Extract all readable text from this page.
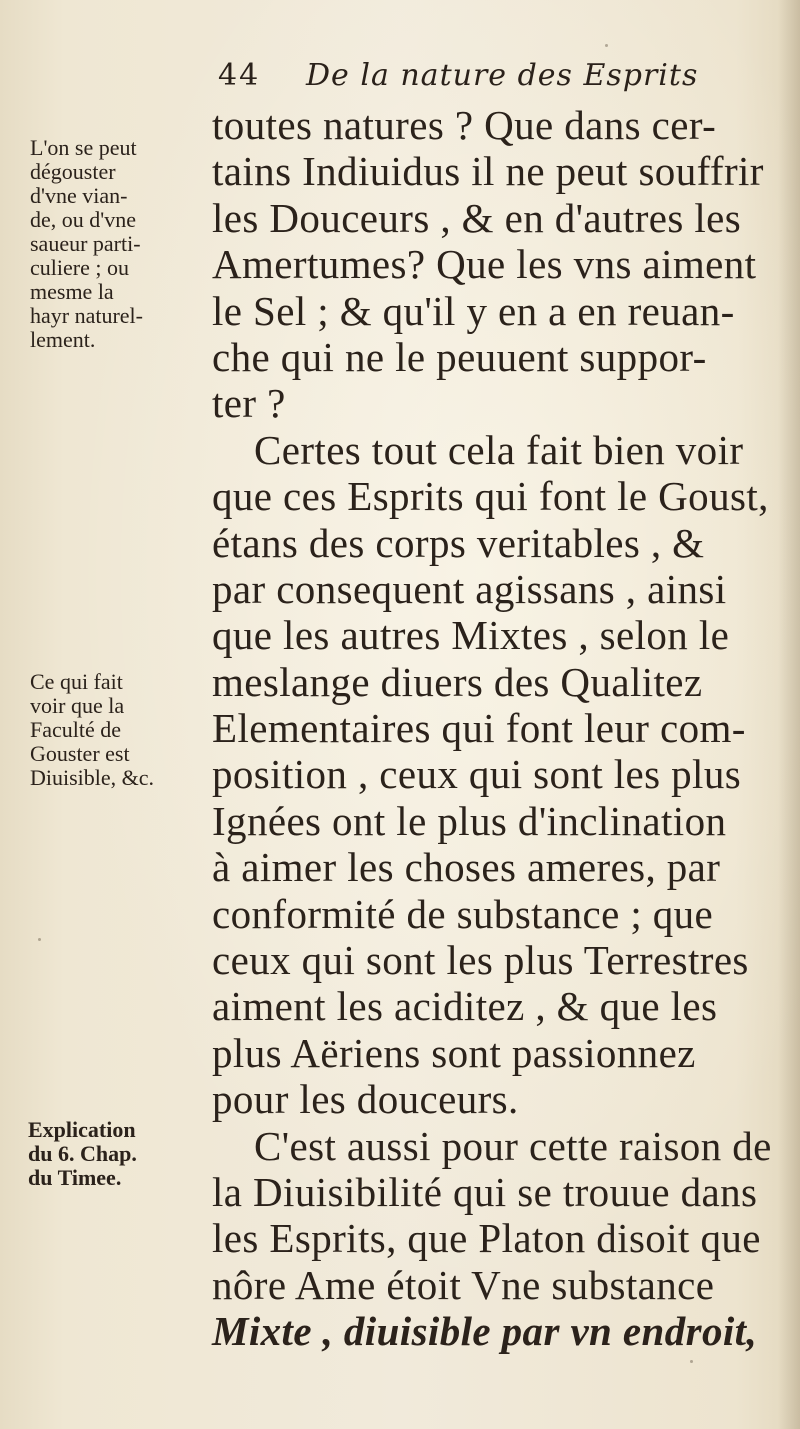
44 De la nature des Esprits
toutes natures ? Que dans cer-
tains Indiuidus il ne peut souffrir
les Douceurs , & en d'autres les
Amertumes? Que les vns aiment
le Sel ; & qu'il y en a en reuan-
che qui ne le peuuent suppor-
ter ?
Certes tout cela fait bien voir
que ces Esprits qui font le Goust,
étans des corps veritables , &
par consequent agissans , ainsi
que les autres Mixtes , selon le
meslange diuers des Qualitez
Elementaires qui font leur com-
position , ceux qui sont les plus
Ignées ont le plus d'inclination
à aimer les choses ameres, par
conformité de substance ; que
ceux qui sont les plus Terrestres
aiment les aciditez , & que les
plus Aëriens sont passionnez
pour les douceurs.
C'est aussi pour cette raison de
la Diuisibilité qui se trouue dans
les Esprits, que Platon disoit que
nôre Ame étoit Vne substance
Mixte , diuisible par vn endroit,
L'on se peut
dégouster
d'vne vian-
de, ou d'vne
saueur parti-
culiere ; ou
mesme la
hayr naturel-
lement.
Ce qui fait
voir que la
Faculté de
Gouster est
Diuisible, &c.
Explication
du 6. Chap.
du Timee.
